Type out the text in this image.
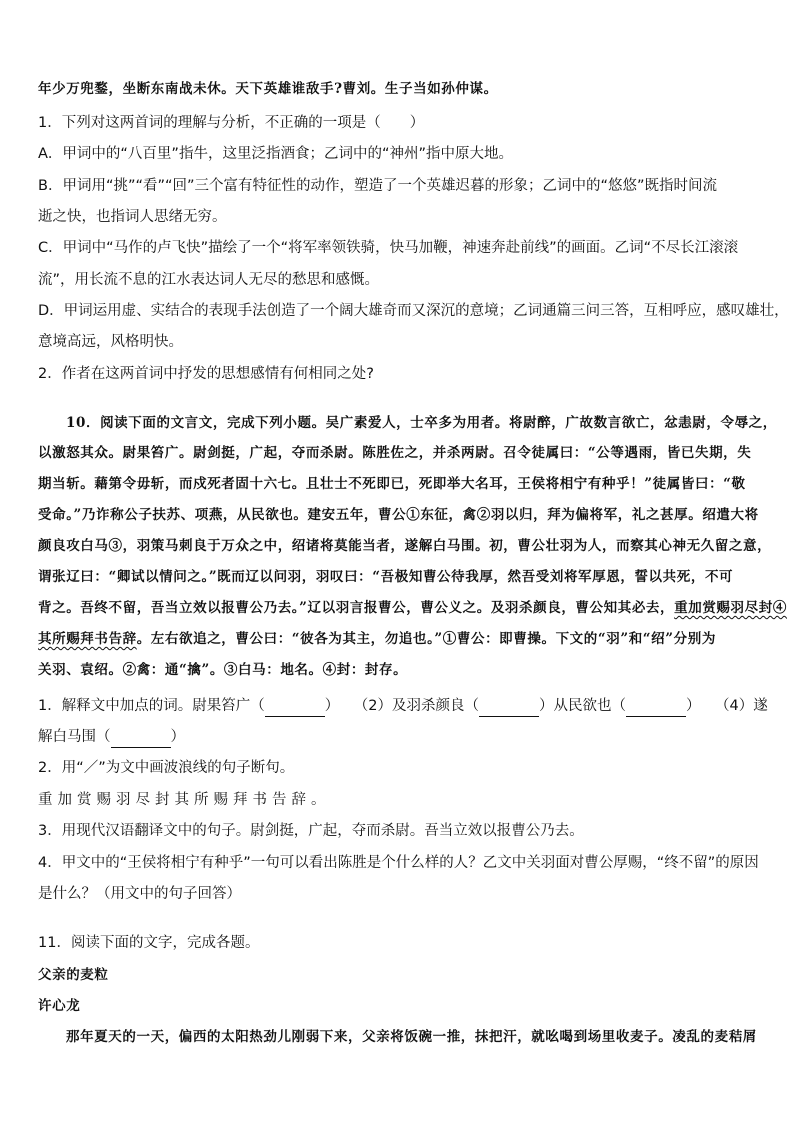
年少万兜鍪，坐断东南战未休。天下英雄谁敌手?曹刘。生子当如孙仲谋。
1．下列对这两首词的理解与分析，不正确的一项是（　　）
A．甲词中的“八百里”指牛，这里泛指酒食；乙词中的“神州”指中原大地。
B．甲词用“挑”“看”“回”三个富有特征性的动作，塑造了一个英雄迟暮的形象；乙词中的“悠悠”既指时间流
逝之快，也指词人思绪无穷。
C．甲词中“马作的卢飞快”描绘了一个“将军率领铁骑，快马加鞭，神速奔赴前线”的画面。乙词“不尽长江滚滚
流”，用长流不息的江水表达词人无尽的愁思和感慨。
D．甲词运用虚、实结合的表现手法创造了一个阔大雄奇而又深沉的意境；乙词通篇三问三答，互相呼应，感叹雄壮，
意境高远，风格明快。
2．作者在这两首词中抒发的思想感情有何相同之处?
10．阅读下面的文言文，完成下列小题。吴广素爱人，士卒多为用者。将尉醉，广故数言欲亡，忿恚尉，令辱之，
以激怒其众。尉果笞广。尉剑挺，广起，夺而杀尉。陈胜佐之，并杀两尉。召令徒属曰：“公等遇雨，皆已失期，失
期当斩。藉第令毋斩，而戍死者固十六七。且壮士不死即已，死即举大名耳，王侯将相宁有种乎！”徒属皆曰：“敬
受命。”乃诈称公子扶苏、项燕，从民欲也。建安五年，曹公①东征，禽②羽以归，拜为偏将军，礼之甚厚。绍遣大将
颜良攻白马③，羽策马刺良于万众之中，绍诸将莫能当者，遂解白马围。初，曹公壮羽为人，而察其心神无久留之意，
谓张辽曰：“卿试以情问之。”既而辽以问羽，羽叹曰：“吾极知曹公待我厚，然吾受刘将军厚恩，誓以共死，不可
背之。吾终不留，吾当立效以报曹公乃去。”辽以羽言报曹公，曹公义之。及羽杀颜良，曹公知其必去，重加赏赐羽尽封④
其所赐拜书告辞。左右欲追之，曹公曰：“彼各为其主，勿追也。”①曹公：即曹操。下文的“羽”和“绍”分别为
关羽、袁绍。②禽：通“擒”。③白马：地名。④封：封存。
1．解释文中加点的词。尉果笞广（	）　　（2）及羽杀颜良（	）从民欲也（	）　　（4）遂
解白马围（	）
2．用“／”为文中画波浪线的句子断句。
重加赏赐羽尽封其所赐拜书告辞。
3．用现代汉语翻译文中的句子。尉剑挺，广起，夺而杀尉。吾当立效以报曹公乃去。
4．甲文中的“王侯将相宁有种乎”一句可以看出陈胜是个什么样的人？乙文中关羽面对曹公厚赐，“终不留”的原因
是什么？（用文中的句子回答）
11．阅读下面的文字，完成各题。
父亲的麦粒
许心龙
那年夏天的一天，偏西的太阳热劲儿刚弱下来，父亲将饭碗一推，抹把汗，就吆喝到场里收麦子。凌乱的麦秸屑
